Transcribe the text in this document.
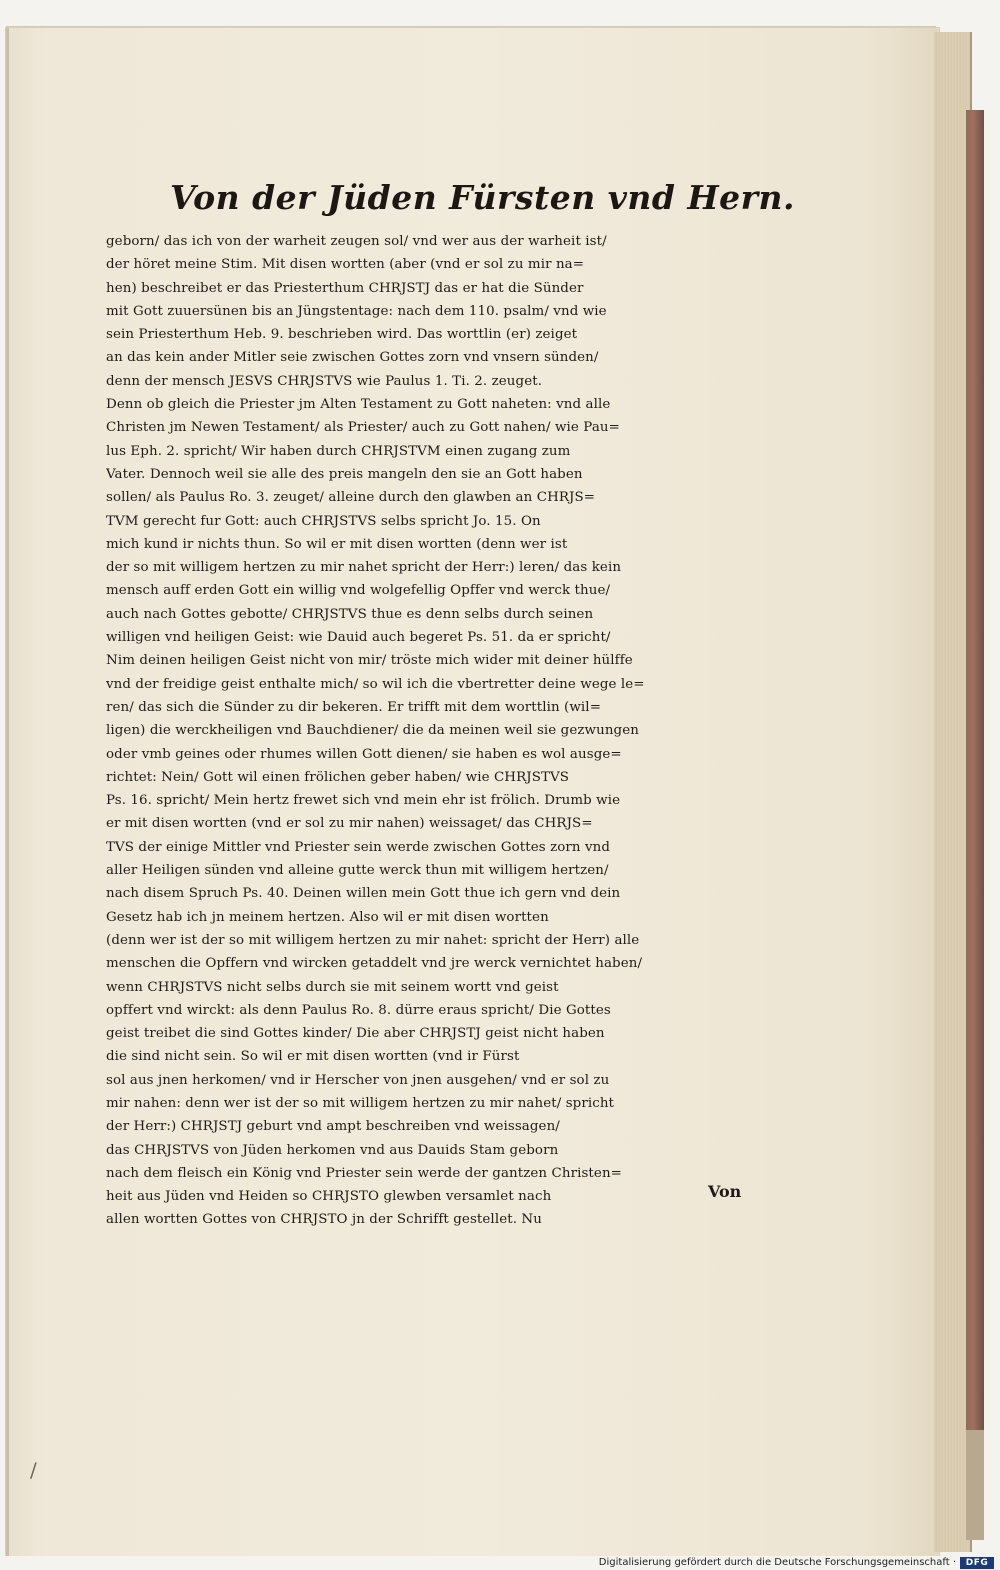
Von der Jüden Fürsten vnd Hern.
geborn/ das ich von der warheit zeugen sol/ vnd wer aus der warheit ist/
der höret meine Stim. Mit disen wortten (aber (vnd er sol zu mir na=
hen) beschreibet er das Priesterthum CHRJSTJ das er hat die Sünder
mit Gott zuuersünen bis an Jüngstentage: nach dem 110. psalm/ vnd wie
sein Priesterthum Heb. 9. beschrieben wird. Das worttlin (er) zeiget
an das kein ander Mitler seie zwischen Gottes zorn vnd vnsern sünden/
denn der mensch JESVS CHRJSTVS wie Paulus 1. Ti. 2. zeuget.
Denn ob gleich die Priester jm Alten Testament zu Gott naheten: vnd alle
Christen jm Newen Testament/ als Priester/ auch zu Gott nahen/ wie Pau=
lus Eph. 2. spricht/ Wir haben durch CHRJSTVM einen zugang zum
Vater. Dennoch weil sie alle des preis mangeln den sie an Gott haben
sollen/ als Paulus Ro. 3. zeuget/ alleine durch den glawben an CHRJS=
TVM gerecht fur Gott: auch CHRJSTVS selbs spricht Jo. 15. On
mich kund ir nichts thun. So wil er mit disen wortten (denn wer ist
der so mit willigem hertzen zu mir nahet spricht der Herr:) leren/ das kein
mensch auff erden Gott ein willig vnd wolgefellig Opffer vnd werck thue/
auch nach Gottes gebotte/ CHRJSTVS thue es denn selbs durch seinen
willigen vnd heiligen Geist: wie Dauid auch begeret Ps. 51. da er spricht/
Nim deinen heiligen Geist nicht von mir/ tröste mich wider mit deiner hülffe
vnd der freidige geist enthalte mich/ so wil ich die vbertretter deine wege le=
ren/ das sich die Sünder zu dir bekeren. Er trifft mit dem worttlin (wil=
ligen) die werckheiligen vnd Bauchdiener/ die da meinen weil sie gezwungen
oder vmb geines oder rhumes willen Gott dienen/ sie haben es wol ausge=
richtet: Nein/ Gott wil einen frölichen geber haben/ wie CHRJSTVS
Ps. 16. spricht/ Mein hertz frewet sich vnd mein ehr ist frölich. Drumb wie
er mit disen wortten (vnd er sol zu mir nahen) weissaget/ das CHRJS=
TVS der einige Mittler vnd Priester sein werde zwischen Gottes zorn vnd
aller Heiligen sünden vnd alleine gutte werck thun mit willigem hertzen/
nach disem Spruch Ps. 40. Deinen willen mein Gott thue ich gern vnd dein
Gesetz hab ich jn meinem hertzen. Also wil er mit disen wortten
(denn wer ist der so mit willigem hertzen zu mir nahet: spricht der Herr) alle
menschen die Opffern vnd wircken getaddelt vnd jre werck vernichtet haben/
wenn CHRJSTVS nicht selbs durch sie mit seinem wortt vnd geist
opffert vnd wirckt: als denn Paulus Ro. 8. dürre eraus spricht/ Die Gottes
geist treibet die sind Gottes kinder/ Die aber CHRJSTJ geist nicht haben
die sind nicht sein. So wil er mit disen wortten (vnd ir Fürst
sol aus jnen herkomen/ vnd ir Herscher von jnen ausgehen/ vnd er sol zu
mir nahen: denn wer ist der so mit willigem hertzen zu mir nahet/ spricht
der Herr:) CHRJSTJ geburt vnd ampt beschreiben vnd weissagen/
das CHRJSTVS von Jüden herkomen vnd aus Dauids Stam geborn
nach dem fleisch ein König vnd Priester sein werde der gantzen Christen=
heit aus Jüden vnd Heiden so CHRJSTO glewben versamlet nach
allen wortten Gottes von CHRJSTO jn der Schrifft gestellet. Nu
Von
/
Digitalisierung gefördert durch die Deutsche Forschungsgemeinschaft ·	DFG
